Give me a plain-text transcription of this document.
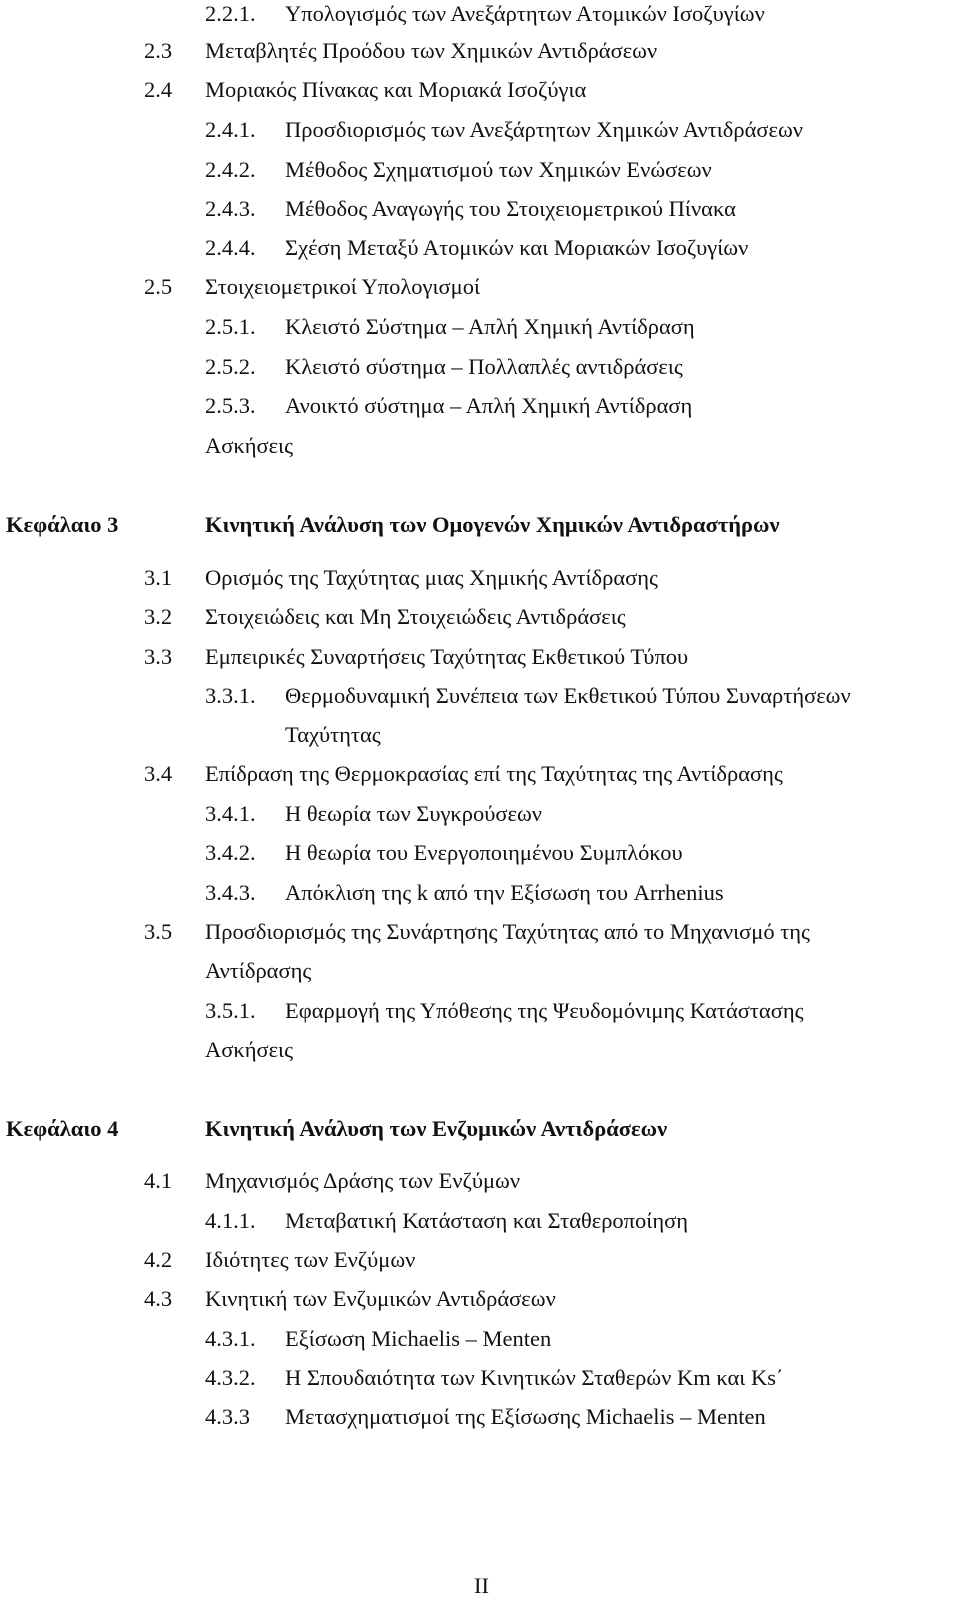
2.2.1. Υπολογισμός των Ανεξάρτητων Ατομικών Ισοζυγίων
2.3 Μεταβλητές Προόδου των Χημικών Αντιδράσεων
2.4 Μοριακός Πίνακας και Μοριακά Ισοζύγια
2.4.1. Προσδιορισμός των Ανεξάρτητων Χημικών Αντιδράσεων
2.4.2. Μέθοδος Σχηματισμού των Χημικών Ενώσεων
2.4.3. Μέθοδος Αναγωγής του Στοιχειομετρικού Πίνακα
2.4.4. Σχέση Μεταξύ Ατομικών και Μοριακών Ισοζυγίων
2.5 Στοιχειομετρικοί Υπολογισμοί
2.5.1. Κλειστό Σύστημα – Απλή Χημική Αντίδραση
2.5.2. Κλειστό σύστημα – Πολλαπλές αντιδράσεις
2.5.3. Ανοικτό σύστημα – Απλή Χημική Αντίδραση
Ασκήσεις
Κεφάλαιο 3	Κινητική Ανάλυση των Ομογενών Χημικών Αντιδραστήρων
3.1 Ορισμός της Ταχύτητας μιας Χημικής Αντίδρασης
3.2 Στοιχειώδεις και Μη Στοιχειώδεις Αντιδράσεις
3.3 Εμπειρικές Συναρτήσεις Ταχύτητας Εκθετικού Τύπου
3.3.1. Θερμοδυναμική Συνέπεια των Εκθετικού Τύπου Συναρτήσεων
Ταχύτητας
3.4 Επίδραση της Θερμοκρασίας επί της Ταχύτητας της Αντίδρασης
3.4.1. Η θεωρία των Συγκρούσεων
3.4.2. Η θεωρία του Ενεργοποιημένου Συμπλόκου
3.4.3. Απόκλιση της k από την Εξίσωση του Arrhenius
3.5 Προσδιορισμός της Συνάρτησης Ταχύτητας από το Μηχανισμό της
Αντίδρασης
3.5.1. Εφαρμογή της Υπόθεσης της Ψευδομόνιμης Κατάστασης
Ασκήσεις
Κεφάλαιο 4	Κινητική Ανάλυση των Ενζυμικών Αντιδράσεων
4.1 Μηχανισμός Δράσης των Ενζύμων
4.1.1. Μεταβατική Κατάσταση και Σταθεροποίηση
4.2 Ιδιότητες των Ενζύμων
4.3 Κινητική των Ενζυμικών Αντιδράσεων
4.3.1. Εξίσωση Michaelis – Menten
4.3.2. Η Σπουδαιότητα των Κινητικών Σταθερών Km και Ks΄
4.3.3 Μετασχηματισμοί της Εξίσωσης Michaelis – Menten
II
